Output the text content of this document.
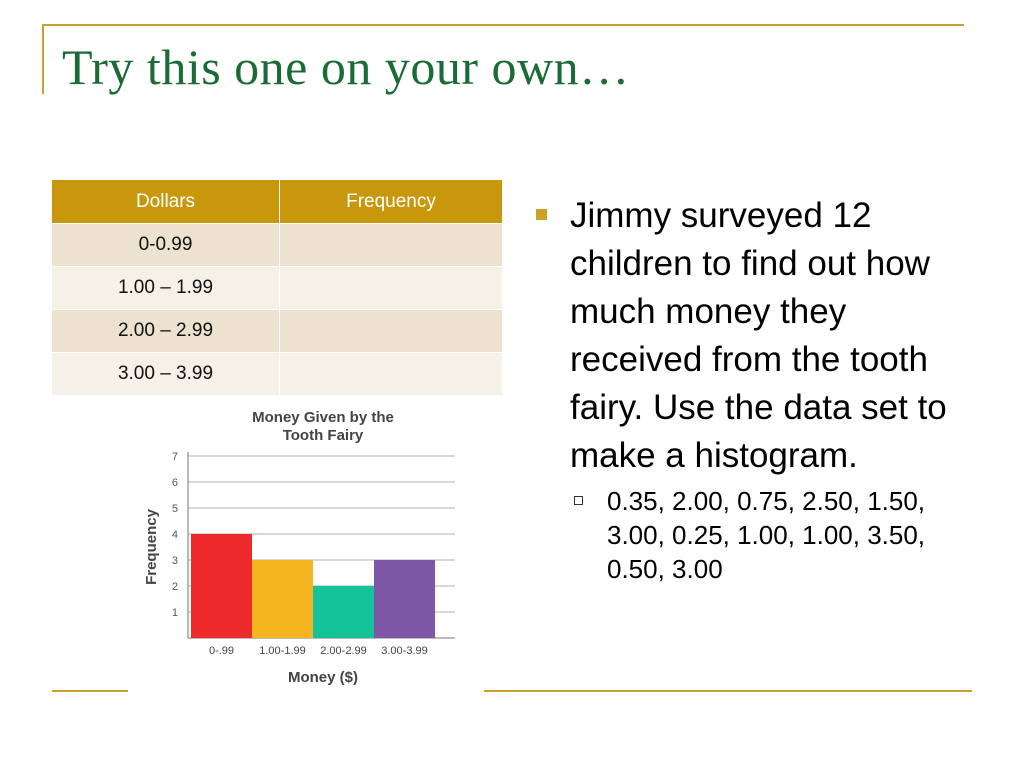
Try this one on your own…
Dollars	Frequency
0-0.99	
1.00 – 1.99	
2.00 – 2.99	
3.00 – 3.99	
Money Given by the Tooth Fairy
1
2
3
4
5
6
7
0-.99 1.00-1.99 2.00-2.99 3.00-3.99
Money ($)
Frequency

Jimmy surveyed 12 children to find out how much money they received from the tooth fairy. Use the data set to make a histogram.

0.35, 2.00, 0.75, 2.50, 1.50, 3.00, 0.25, 1.00, 1.00, 3.50, 0.50, 3.00
